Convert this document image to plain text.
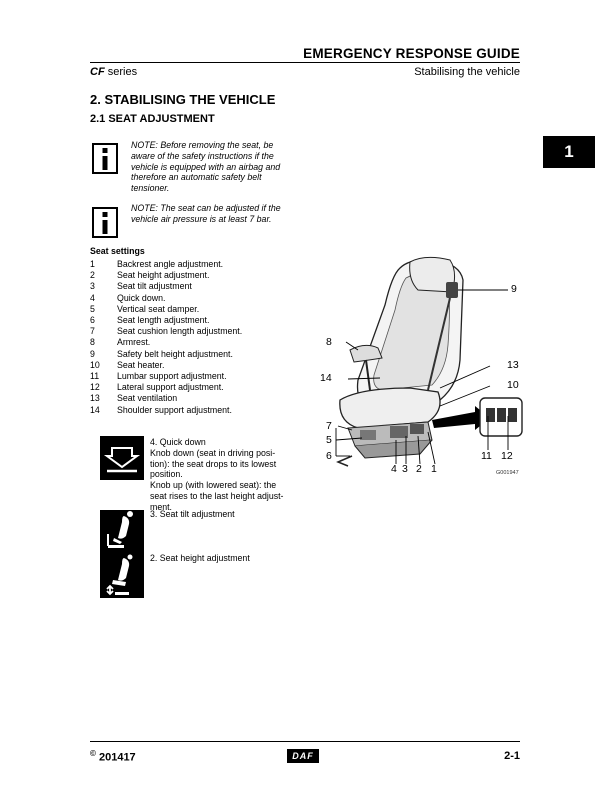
EMERGENCY RESPONSE GUIDE
CF series	Stabilising the vehicle
1
2. STABILISING THE VEHICLE
2.1 SEAT ADJUSTMENT
NOTE: Before removing the seat, be aware of the safety instructions if the vehicle is equipped with an airbag and therefore an automatic safety belt tensioner.
NOTE: The seat can be adjusted if the vehicle air pressure is at least 7 bar.
Seat settings
1	Backrest angle adjustment.
2	Seat height adjustment.
3	Seat tilt adjustment
4	Quick down.
5	Vertical seat damper.
6	Seat length adjustment.
7	Seat cushion length adjustment.
8	Armrest.
9	Safety belt height adjustment.
10	Seat heater.
11	Lumbar support adjustment.
12	Lateral support adjustment.
13	Seat ventilation
14	Shoulder support adjustment.
4. Quick down
Knob down (seat in driving posi-
tion): the seat drops to its lowest
position.
Knob up (with lowered seat): the
seat rises to the last height adjust-
ment.
3. Seat tilt adjustment
2. Seat height adjustment
9
8
13
14
10
7
5
6
4 3 2 1
11 12
G001947
© 201417	DAF	2-1
